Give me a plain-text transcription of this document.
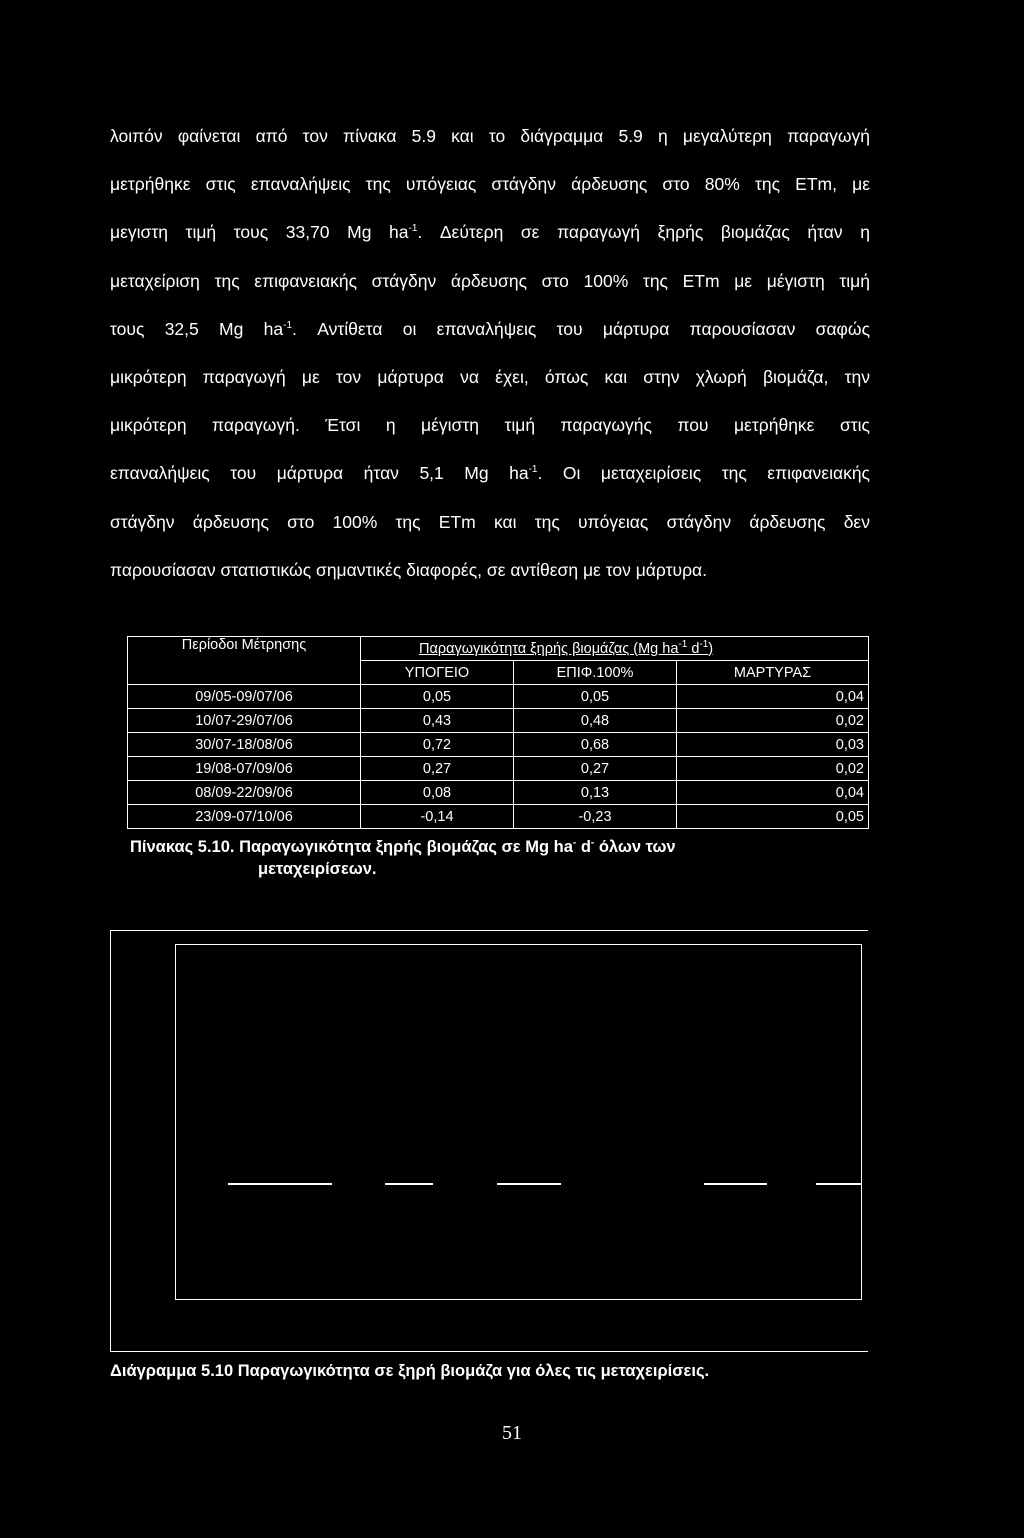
λοιπόν φαίνεται από τον πίνακα 5.9 και το διάγραμμα 5.9 η μεγαλύτερη παραγωγή
μετρήθηκε στις επαναλήψεις της υπόγειας στάγδην άρδευσης στο 80% της ETm, με
μεγιστη τιμή τους 33,70 Mg $ha^{-1}$. Δεύτερη σε παραγωγή ξηρής βιομάζας ήταν η
μεταχείριση της επιφανειακής στάγδην άρδευσης στο 100% της ETm με μέγιστη τιμή
τους 32,5 Mg $ha^{-1}$. Αντίθετα οι επαναλήψεις του μάρτυρα παρουσίασαν σαφώς
μικρότερη παραγωγή με τον μάρτυρα να έχει, όπως και στην χλωρή βιομάζα, την
μικρότερη παραγωγή. Έτσι η μέγιστη τιμή παραγωγής που μετρήθηκε στις
επαναλήψεις του μάρτυρα ήταν 5,1 Mg $ha^{-1}$. Οι μεταχειρίσεις της επιφανειακής
στάγδην άρδευσης στο 100% της ETm και της υπόγειας στάγδην άρδευσης δεν
παρουσίασαν στατιστικώς σημαντικές διαφορές, σε αντίθεση με τον μάρτυρα.
Περίοδοι Μέτρησης	Παραγωγικότητα ξηρής βιομάζας (Mg $ha^{-1}$ $d^{-1}$)		
	ΥΠΟΓΕΙΟ	ΕΠΙΦ.100%	ΜΑΡΤΥΡΑΣ
09/05-09/07/06	0,05	0,05	0,04
10/07-29/07/06	0,43	0,48	0,02
30/07-18/08/06	0,72	0,68	0,03
19/08-07/09/06	0,27	0,27	0,02
08/09-22/09/06	0,08	0,13	0,04
23/09-07/10/06	-0,14	-0,23	0,05
Πίνακας 5.10. Παραγωγικότητα ξηρής βιομάζας σε Mg ha- d- όλων των
μεταχειρίσεων.
Διάγραμμα 5.10 Παραγωγικότητα σε ξηρή βιομάζα για όλες τις μεταχειρίσεις.
51
